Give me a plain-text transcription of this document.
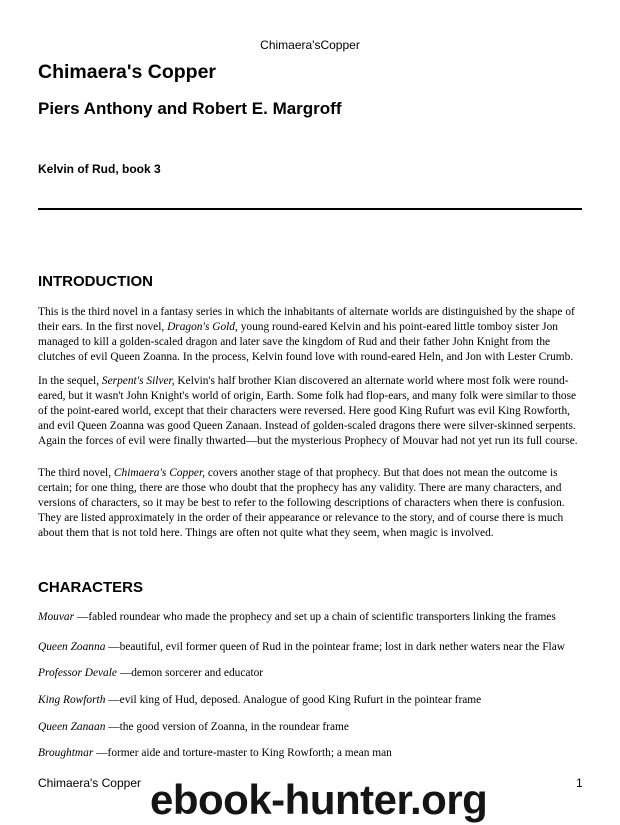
Chimaera'sCopper
Chimaera's Copper
Piers Anthony and Robert E. Margroff
Kelvin of Rud, book 3
INTRODUCTION
This is the third novel in a fantasy series in which the inhabitants of alternate worlds are distinguished by the shape of their ears. In the first novel, Dragon's Gold, young round-eared Kelvin and his point-eared little tomboy sister Jon managed to kill a golden-scaled dragon and later save the kingdom of Rud and their father John Knight from the clutches of evil Queen Zoanna. In the process, Kelvin found love with round-eared Heln, and Jon with Lester Crumb.
In the sequel, Serpent's Silver, Kelvin's half brother Kian discovered an alternate world where most folk were round-eared, but it wasn't John Knight's world of origin, Earth. Some folk had flop-ears, and many folk were similar to those of the point-eared world, except that their characters were reversed. Here good King Rufurt was evil King Rowforth, and evil Queen Zoanna was good Queen Zanaan. Instead of golden-scaled dragons there were silver-skinned serpents. Again the forces of evil were finally thwarted—but the mysterious Prophecy of Mouvar had not yet run its full course.
The third novel, Chimaera's Copper, covers another stage of that prophecy. But that does not mean the outcome is certain; for one thing, there are those who doubt that the prophecy has any validity. There are many characters, and versions of characters, so it may be best to refer to the following descriptions of characters when there is confusion. They are listed approximately in the order of their appearance or relevance to the story, and of course there is much about them that is not told here. Things are often not quite what they seem, when magic is involved.
CHARACTERS
Mouvar —fabled roundear who made the prophecy and set up a chain of scientific transporters linking the frames
Queen Zoanna —beautiful, evil former queen of Rud in the pointear frame; lost in dark nether waters near the Flaw
Professor Devale —demon sorcerer and educator
King Rowforth —evil king of Hud, deposed. Analogue of good King Rufurt in the pointear frame
Queen Zanaan —the good version of Zoanna, in the roundear frame
Broughtmar —former aide and torture-master to King Rowforth; a mean man
Chimaera's Copper	1
ebook-hunter.org
